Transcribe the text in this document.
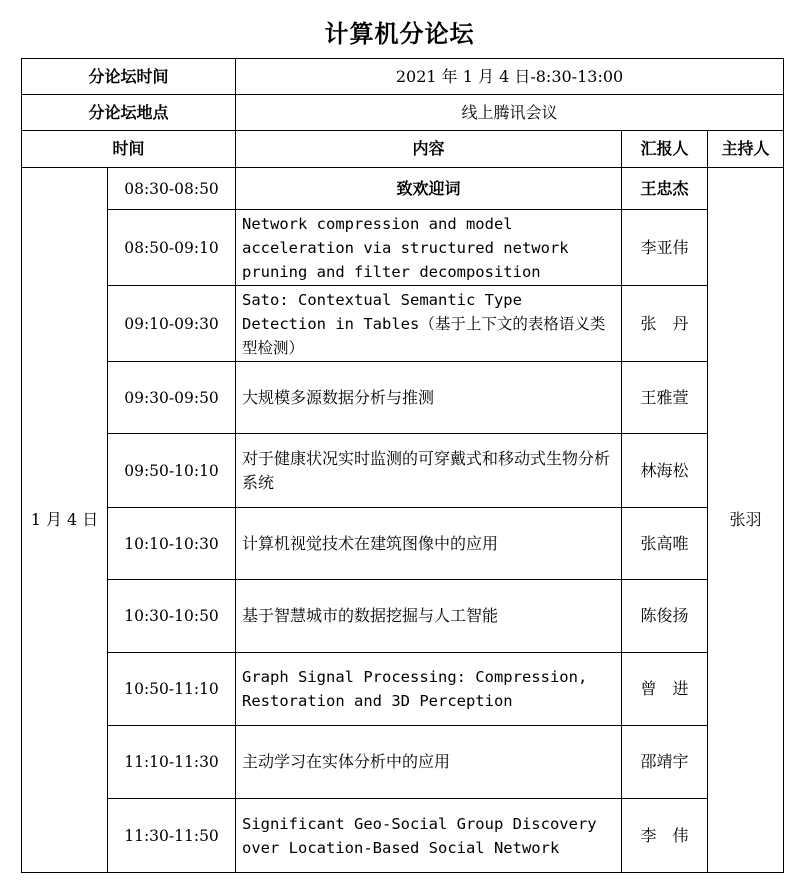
计算机分论坛
分论坛时间		2021 年 1 月 4 日-8:30-13:00		
分论坛地点		线上腾讯会议		
时间		内容	汇报人	主持人
1 月 4 日	08:30-08:50	致欢迎词	王忠杰	张羽
	08:50-09:10	Network compression and model acceleration via structured network pruning and filter decomposition	李亚伟	
	09:10-09:30	Sato: Contextual Semantic Type Detection in Tables（基于上下文的表格语义类型检测）	张　丹	
	09:30-09:50	大规模多源数据分析与推测	王雅萱	
	09:50-10:10	对于健康状况实时监测的可穿戴式和移动式生物分析系统	林海松	
	10:10-10:30	计算机视觉技术在建筑图像中的应用	张高唯	
	10:30-10:50	基于智慧城市的数据挖掘与人工智能	陈俊扬	
	10:50-11:10	Graph Signal Processing: Compression, Restoration and 3D Perception	曾　进	
	11:10-11:30	主动学习在实体分析中的应用	邵靖宇	
	11:30-11:50	Significant Geo-Social Group Discovery over Location-Based Social Network	李　伟	
